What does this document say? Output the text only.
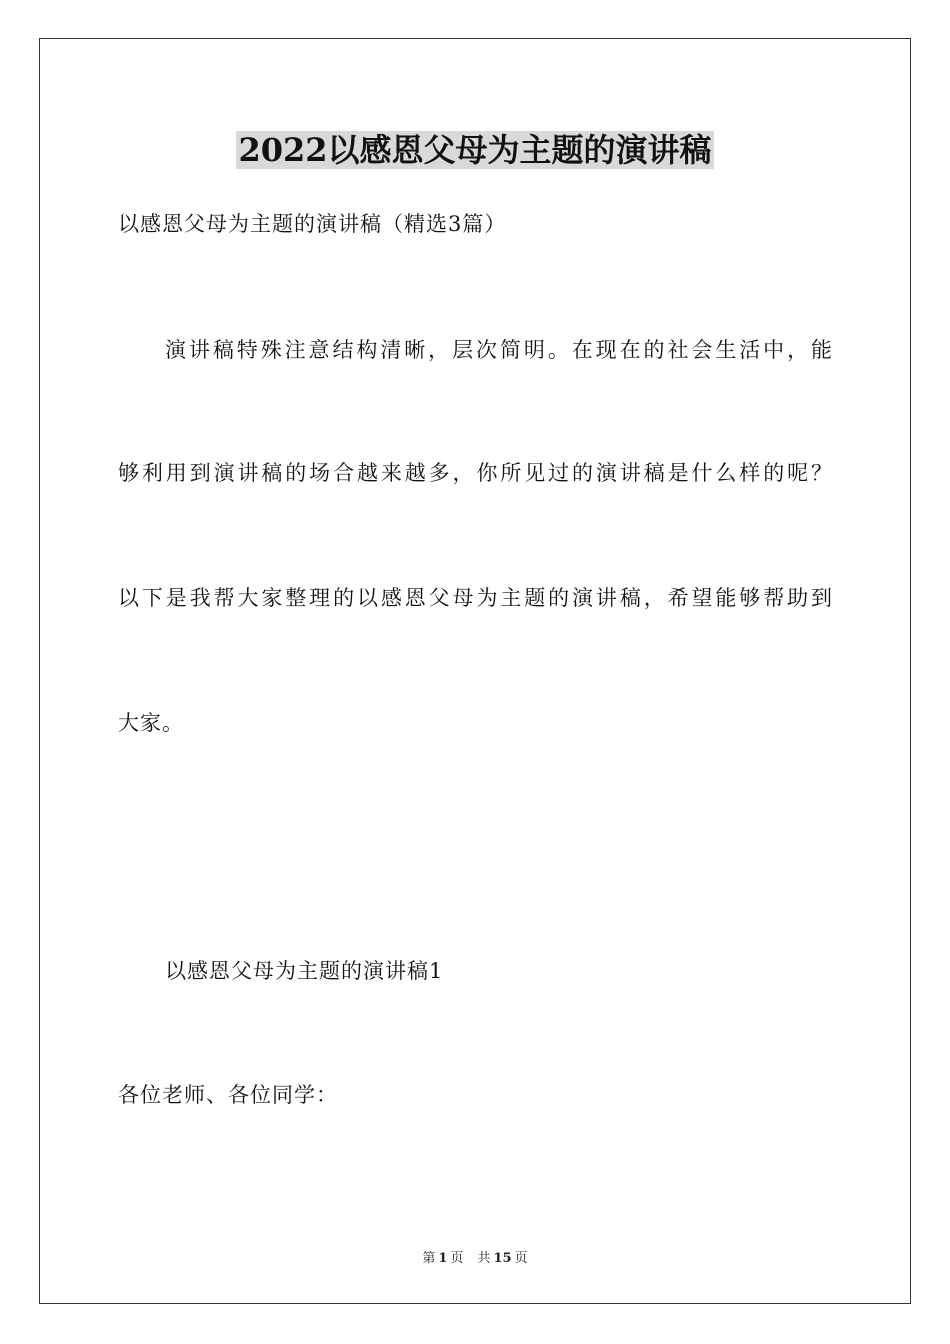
2022以感恩父母为主题的演讲稿

以感恩父母为主题的演讲稿（精选3篇）

演讲稿特殊注意结构清晰，层次简明。在现在的社会生活中，能

够利用到演讲稿的场合越来越多，你所见过的演讲稿是什么样的呢？

以下是我帮大家整理的以感恩父母为主题的演讲稿，希望能够帮助到

大家。

以感恩父母为主题的演讲稿1

各位老师、各位同学：

第 1 页 共 15 页
